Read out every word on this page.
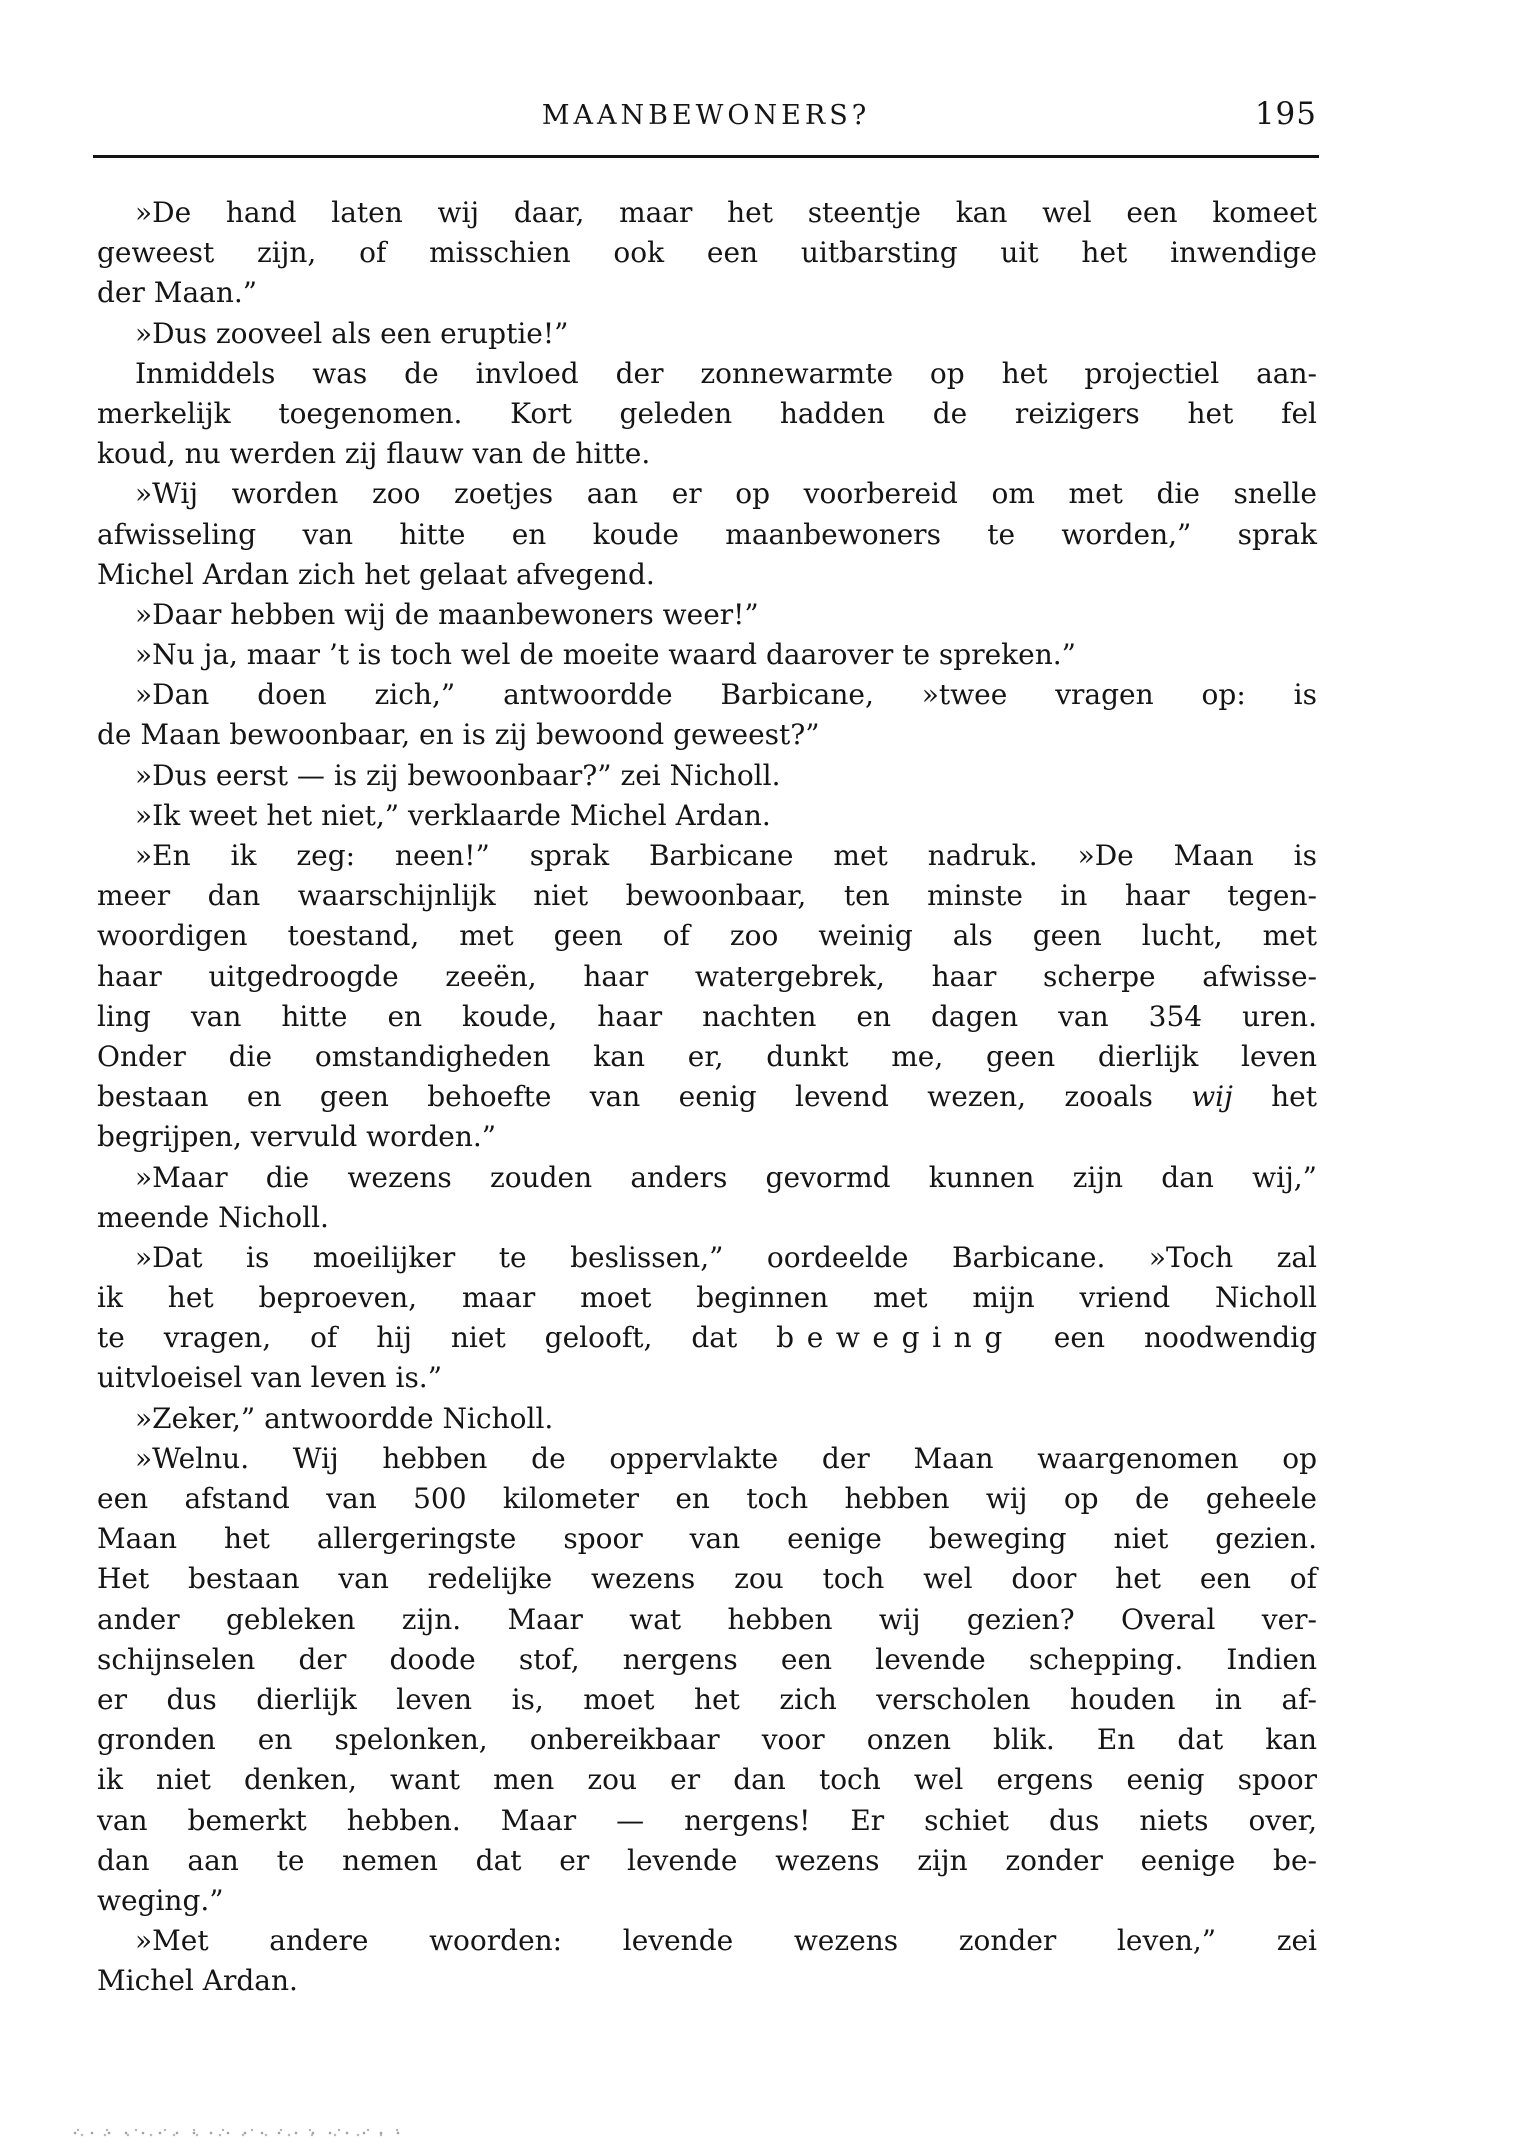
MAANBEWONERS?	195
»De hand laten wij daar, maar het steentje kan wel een komeet
geweest zijn, of misschien ook een uitbarsting uit het inwendige
der Maan.”
»Dus zooveel als een eruptie!”
Inmiddels was de invloed der zonnewarmte op het projectiel aan-
merkelijk toegenomen. Kort geleden hadden de reizigers het fel
koud, nu werden zij flauw van de hitte.
»Wij worden zoo zoetjes aan er op voorbereid om met die snelle
afwisseling van hitte en koude maanbewoners te worden,” sprak
Michel Ardan zich het gelaat afvegend.
»Daar hebben wij de maanbewoners weer!”
»Nu ja, maar ’t is toch wel de moeite waard daarover te spreken.”
»Dan doen zich,” antwoordde Barbicane, »twee vragen op: is
de Maan bewoonbaar, en is zij bewoond geweest?”
»Dus eerst — is zij bewoonbaar?” zei Nicholl.
»Ik weet het niet,” verklaarde Michel Ardan.
»En ik zeg: neen!” sprak Barbicane met nadruk. »De Maan is
meer dan waarschijnlijk niet bewoonbaar, ten minste in haar tegen-
woordigen toestand, met geen of zoo weinig als geen lucht, met
haar uitgedroogde zeeën, haar watergebrek, haar scherpe afwisse-
ling van hitte en koude, haar nachten en dagen van 354 uren.
Onder die omstandigheden kan er, dunkt me, geen dierlijk leven
bestaan en geen behoefte van eenig levend wezen, zooals wij het
begrijpen, vervuld worden.”
»Maar die wezens zouden anders gevormd kunnen zijn dan wij,”
meende Nicholl.
»Dat is moeilijker te beslissen,” oordeelde Barbicane. »Toch zal
ik het beproeven, maar moet beginnen met mijn vriend Nicholl
te vragen, of hij niet gelooft, dat beweging een noodwendig
uitvloeisel van leven is.”
»Zeker,” antwoordde Nicholl.
»Welnu. Wij hebben de oppervlakte der Maan waargenomen op
een afstand van 500 kilometer en toch hebben wij op de geheele
Maan het allergeringste spoor van eenige beweging niet gezien.
Het bestaan van redelijke wezens zou toch wel door het een of
ander gebleken zijn. Maar wat hebben wij gezien? Overal ver-
schijnselen der doode stof, nergens een levende schepping. Indien
er dus dierlijk leven is, moet het zich verscholen houden in af-
gronden en spelonken, onbereikbaar voor onzen blik. En dat kan
ik niet denken, want men zou er dan toch wel ergens eenig spoor
van bemerkt hebben. Maar — nergens! Er schiet dus niets over,
dan aan te nemen dat er levende wezens zijn zonder eenige be-
weging.”
»Met andere woorden: levende wezens zonder leven,” zei
Michel Ardan.
